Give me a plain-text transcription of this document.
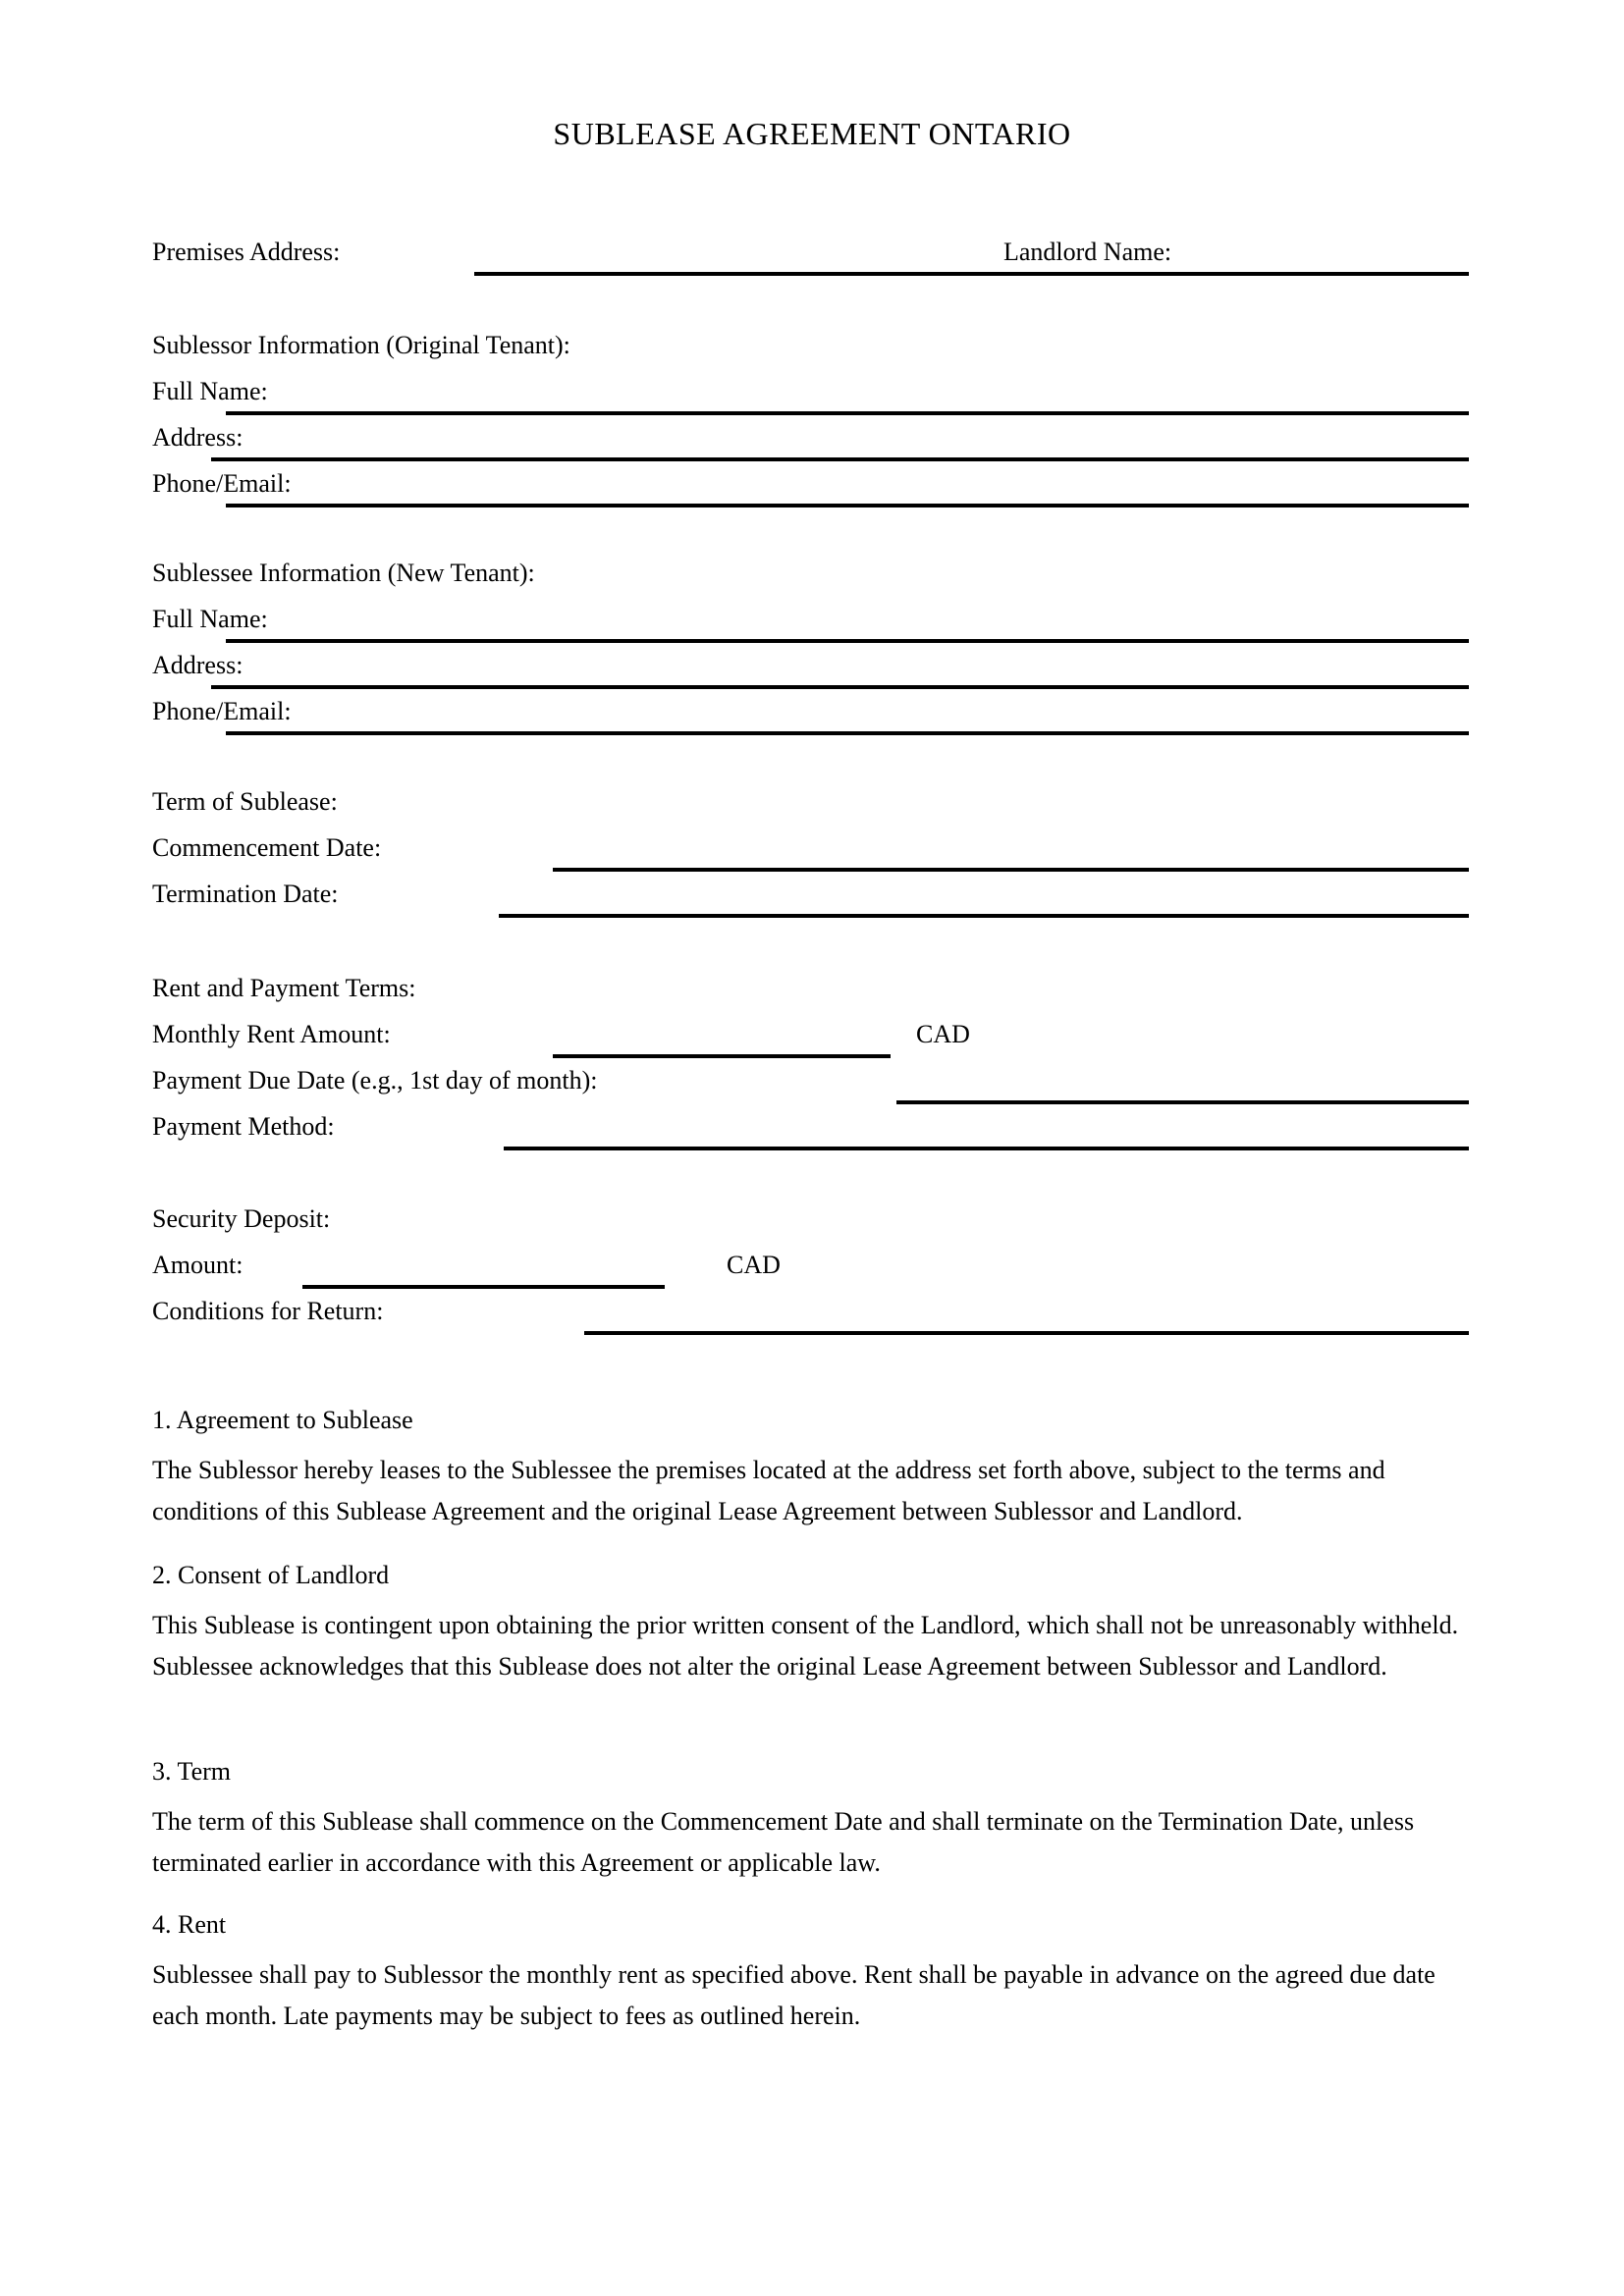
SUBLEASE AGREEMENT ONTARIO
Premises Address:	Landlord Name:
Sublessor Information (Original Tenant):
Full Name:
Address:
Phone/Email:
Sublessee Information (New Tenant):
Full Name:
Address:
Phone/Email:
Term of Sublease:
Commencement Date:
Termination Date:
Rent and Payment Terms:
Monthly Rent Amount:	CAD
Payment Due Date (e.g., 1st day of month):
Payment Method:
Security Deposit:
Amount:	CAD
Conditions for Return:
1. Agreement to Sublease
The Sublessor hereby leases to the Sublessee the premises located at the address set forth above, subject to the terms and conditions of this Sublease Agreement and the original Lease Agreement between Sublessor and Landlord.
2. Consent of Landlord
This Sublease is contingent upon obtaining the prior written consent of the Landlord, which shall not be unreasonably withheld. Sublessee acknowledges that this Sublease does not alter the original Lease Agreement between Sublessor and Landlord.
3. Term
The term of this Sublease shall commence on the Commencement Date and shall terminate on the Termination Date, unless terminated earlier in accordance with this Agreement or applicable law.
4. Rent
Sublessee shall pay to Sublessor the monthly rent as specified above. Rent shall be payable in advance on the agreed due date each month. Late payments may be subject to fees as outlined herein.
